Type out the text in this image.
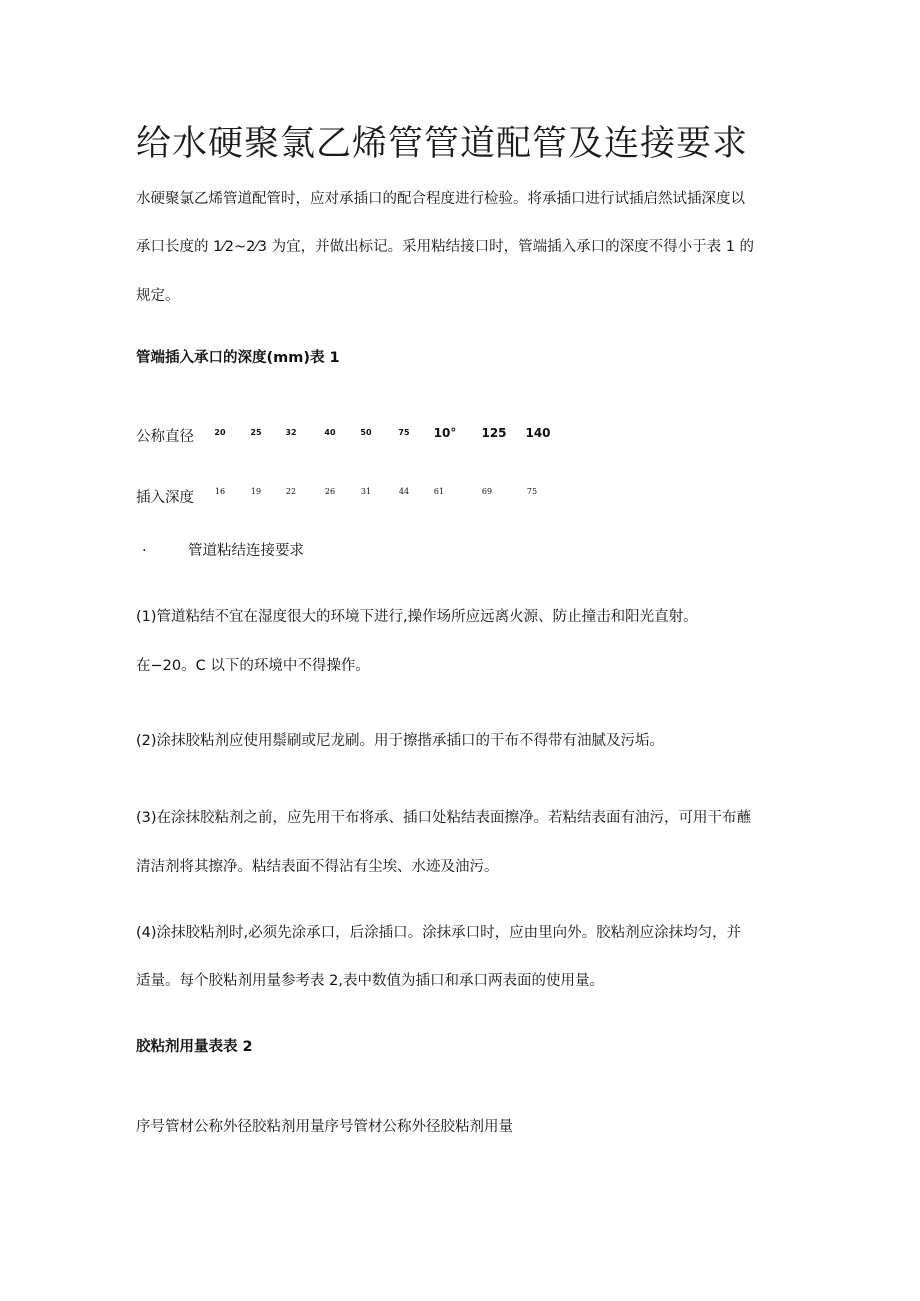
给水硬聚氯乙烯管管道配管及连接要求
水硬聚氯乙烯管道配管时，应对承插口的配合程度进行检验。将承插口进行试插启然试插深度以
承口长度的 1⁄2~2⁄3 为宜，并做出标记。采用粘结接口时，管端插入承口的深度不得小于表 1 的
规定。
管端插入承口的深度(mm)表 1
公称直径	20	25	32	40	50	75 10° 125 140
插入深度	16	19	22	26	31	44	61	69	75
.	管道粘结连接要求
(1)管道粘结不宜在湿度很大的环境下进行,操作场所应远离火源、防止撞击和阳光直射。
在−20。C 以下的环境中不得操作。
(2)涂抹胶粘剂应使用鬃刷或尼龙刷。用于擦揩承插口的干布不得带有油腻及污垢。
(3)在涂抹胶粘剂之前，应先用干布将承、插口处粘结表面擦净。若粘结表面有油污，可用干布蘸
清洁剂将其擦净。粘结表面不得沾有尘埃、水迹及油污。
(4)涂抹胶粘剂时,必须先涂承口，后涂插口。涂抹承口时，应由里向外。胶粘剂应涂抹均匀，并
适量。每个胶粘剂用量参考表 2,表中数值为插口和承口两表面的使用量。
胶粘剂用量表表 2
序号管材公称外径胶粘剂用量序号管材公称外径胶粘剂用量
